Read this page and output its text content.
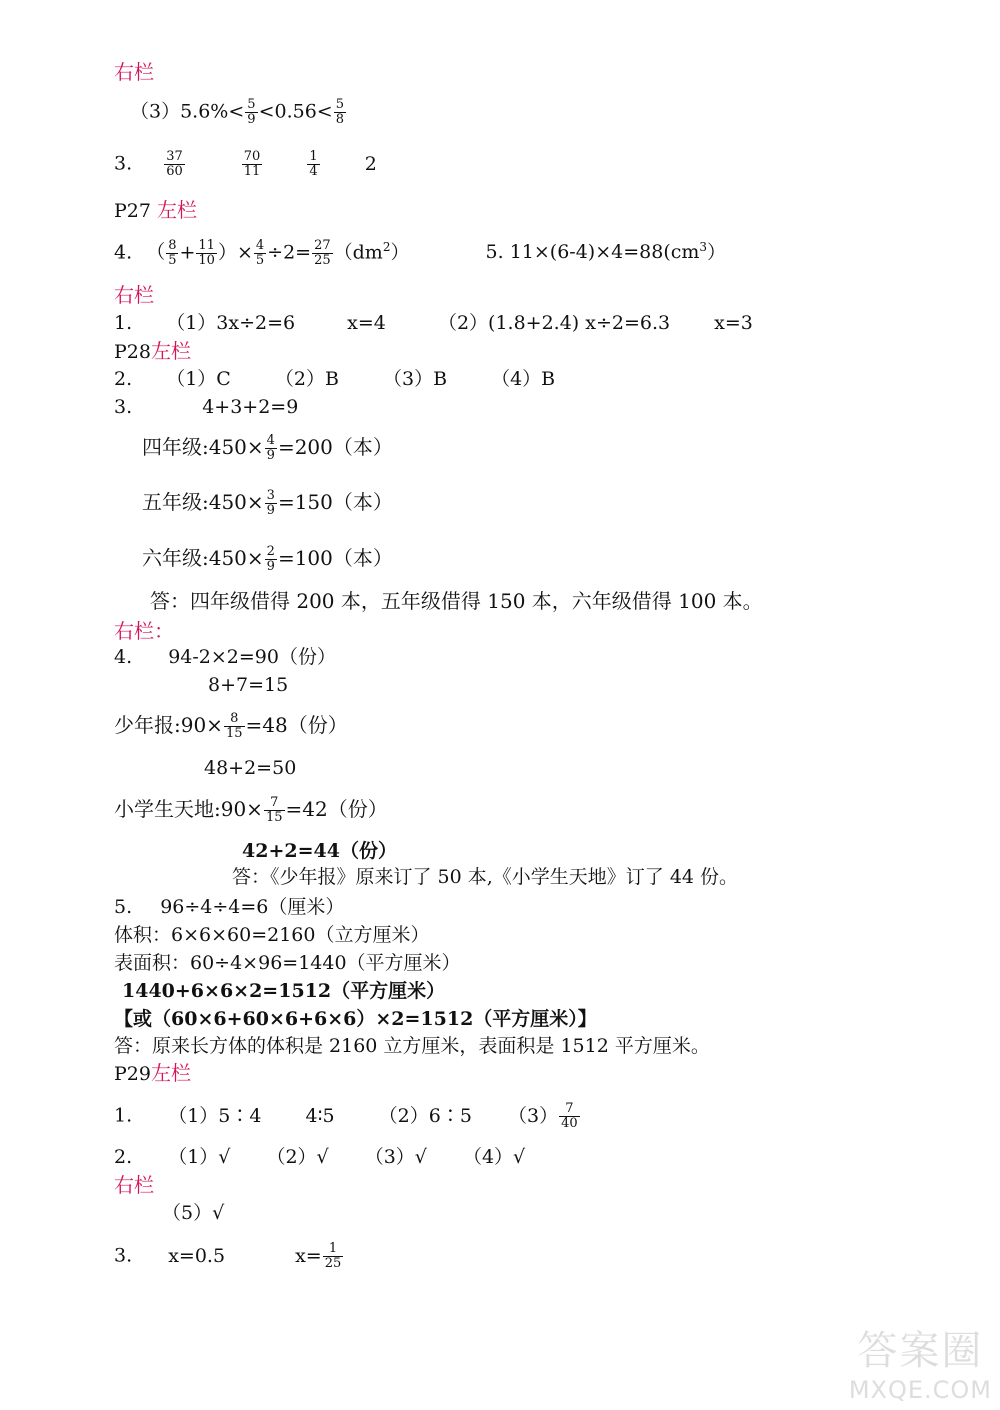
右栏
$(3)5.6\%< \frac{5}{9} <0.56< \frac{5}{8}$
3. $\frac{37}{60}$
	$\frac{70}{11}$
	$\frac{1}{4} 2$
P27 左栏
4. （ $\frac{8}{5} + \frac{11}{10}$ ）× $\frac{4}{5} \div 2= \frac{27}{25} (dm^2)$	5. $11\times(6-4)\times 4=88(cm^3)$
右栏
1. （1）3x÷2=6	x=4	（2）(1.8+2.4) x÷2=6.3 x=3
P28左栏
2. （1）C （2）B （3）B （4）B
3.	4+3+2=9
四年级:450× $\frac{4}{9} =200$（本）
五年级:450× $\frac{3}{9} =150$（本）
六年级:450× $\frac{2}{9} =100$（本）
答：四年级借得 200 本，五年级借得 150 本，六年级借得 100 本。
右栏：
4. 94-2×2=90（份）
8+7=15
少年报:90× $\frac{8}{15} =48$（份）
48+2=50
小学生天地:90× $\frac{7}{15} =42$（份）
42+2=44（份）
答：《少年报》原来订了 50 本,《小学生天地》订了 44 份。
5. 96÷4÷4=6（厘米）
体积：6×6×60=2160（立方厘米）
表面积：60÷4×96=1440（平方厘米）
1440+6×6×2=1512（平方厘米）
【或（60×6+60×6+6×6）×2=1512（平方厘米）】
答：原来长方体的体积是 2160 立方厘米，表面积是 1512 平方厘米。
P29左栏
1. （1）5∶4 4∶5 （2）6∶5 $(3) \frac{7}{40}$
2. （1）√ （2）√ （3）√ （4）√
右栏
（5）√
3. x=0.5	$x= \frac{1}{25}$
答案圈
MXQE.COM
